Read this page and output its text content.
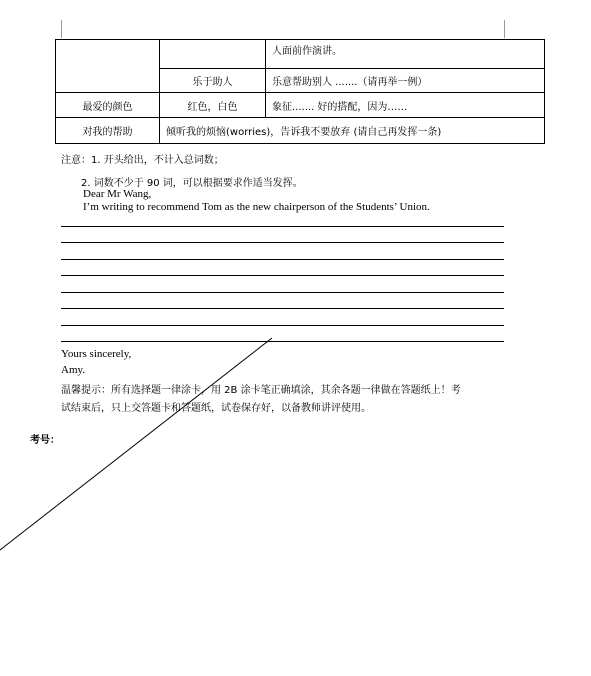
		人面前作演讲。
	乐于助人	乐意帮助别人 .......（请再举一例）
最爱的颜色	红色，白色	象征....... 好的搭配，因为……
对我的帮助	倾听我的烦恼(worries)，告诉我不要放弃 (请自己再发挥一条)	
注意：1. 开头给出，不计入总词数；
2. 词数不少于 90 词，可以根据要求作适当发挥。
Dear Mr Wang,
I’m writing to recommend Tom as the new chairperson of the Students’ Union.
Yours sincerely,
Amy.
温馨提示：所有选择题一律涂卡，用 2B 涂卡笔正确填涂，其余各题一律做在答题纸上！考
试结束后，只上交答题卡和答题纸，试卷保存好，以备教师讲评使用。
考号：
